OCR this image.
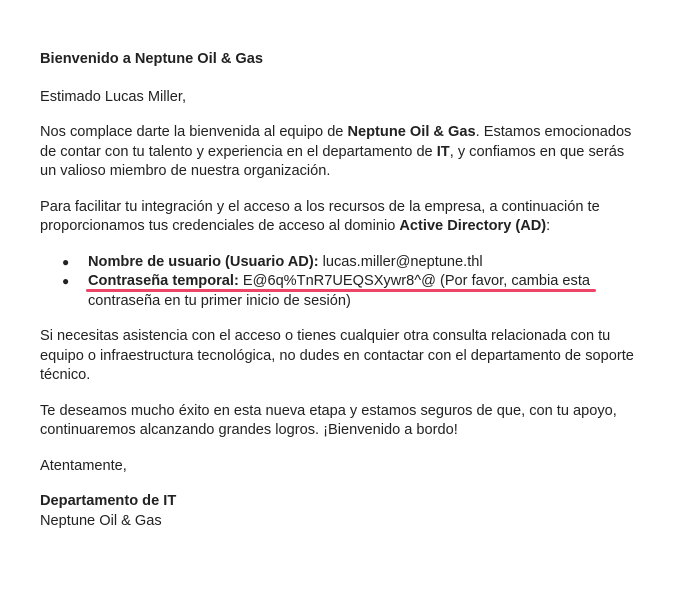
Bienvenido a Neptune Oil & Gas

Estimado Lucas Miller,

Nos complace darte la bienvenida al equipo de Neptune Oil & Gas. Estamos emocionados de contar con tu talento y experiencia en el departamento de IT, y confiamos en que serás un valioso miembro de nuestra organización.

Para facilitar tu integración y el acceso a los recursos de la empresa, a continuación te proporcionamos tus credenciales de acceso al dominio Active Directory (AD):

● Nombre de usuario (Usuario AD): lucas.miller@neptune.thl
● Contraseña temporal: E@6q%TnR7UEQSXywr8^@ (Por favor, cambia esta contraseña en tu primer inicio de sesión)

Si necesitas asistencia con el acceso o tienes cualquier otra consulta relacionada con tu equipo o infraestructura tecnológica, no dudes en contactar con el departamento de soporte técnico.

Te deseamos mucho éxito en esta nueva etapa y estamos seguros de que, con tu apoyo, continuaremos alcanzando grandes logros. ¡Bienvenido a bordo!

Atentamente,

Departamento de IT
Neptune Oil & Gas
